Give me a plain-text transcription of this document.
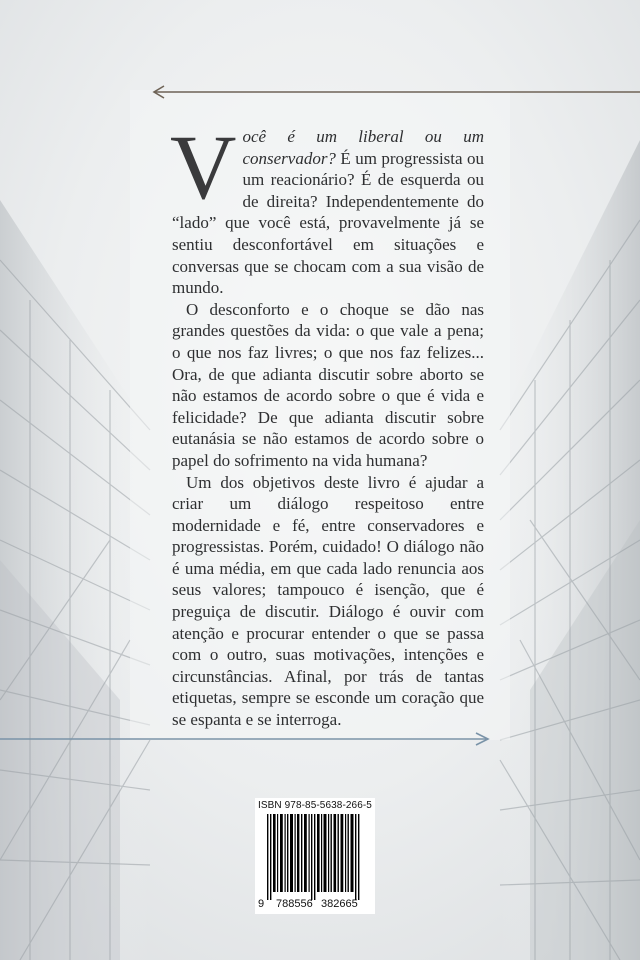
Você é um liberal ou um conservador? É um progressista ou um reacionário? É de esquerda ou de direita? Independentemente do “lado” que você está, provavelmente já se sentiu desconfortável em situações e conversas que se chocam com a sua visão de mundo.

O desconforto e o choque se dão nas grandes questões da vida: o que vale a pena; o que nos faz livres; o que nos faz felizes... Ora, de que adianta discutir sobre aborto se não estamos de acordo sobre o que é vida e felicidade? De que adianta discutir sobre eutanásia se não estamos de acordo sobre o papel do sofrimento na vida humana?

Um dos objetivos deste livro é ajudar a criar um diálogo respeitoso entre modernidade e fé, entre conservadores e progressistas. Porém, cuidado! O diálogo não é uma média, em que cada lado renuncia aos seus valores; tampouco é isenção, que é preguiça de discutir. Diálogo é ouvir com atenção e procurar entender o que se passa com o outro, suas motivações, intenções e circunstâncias. Afinal, por trás de tantas etiquetas, sempre se esconde um coração que se espanta e se interroga.

ISBN 978-85-5638-266-5
9 788556 382665
